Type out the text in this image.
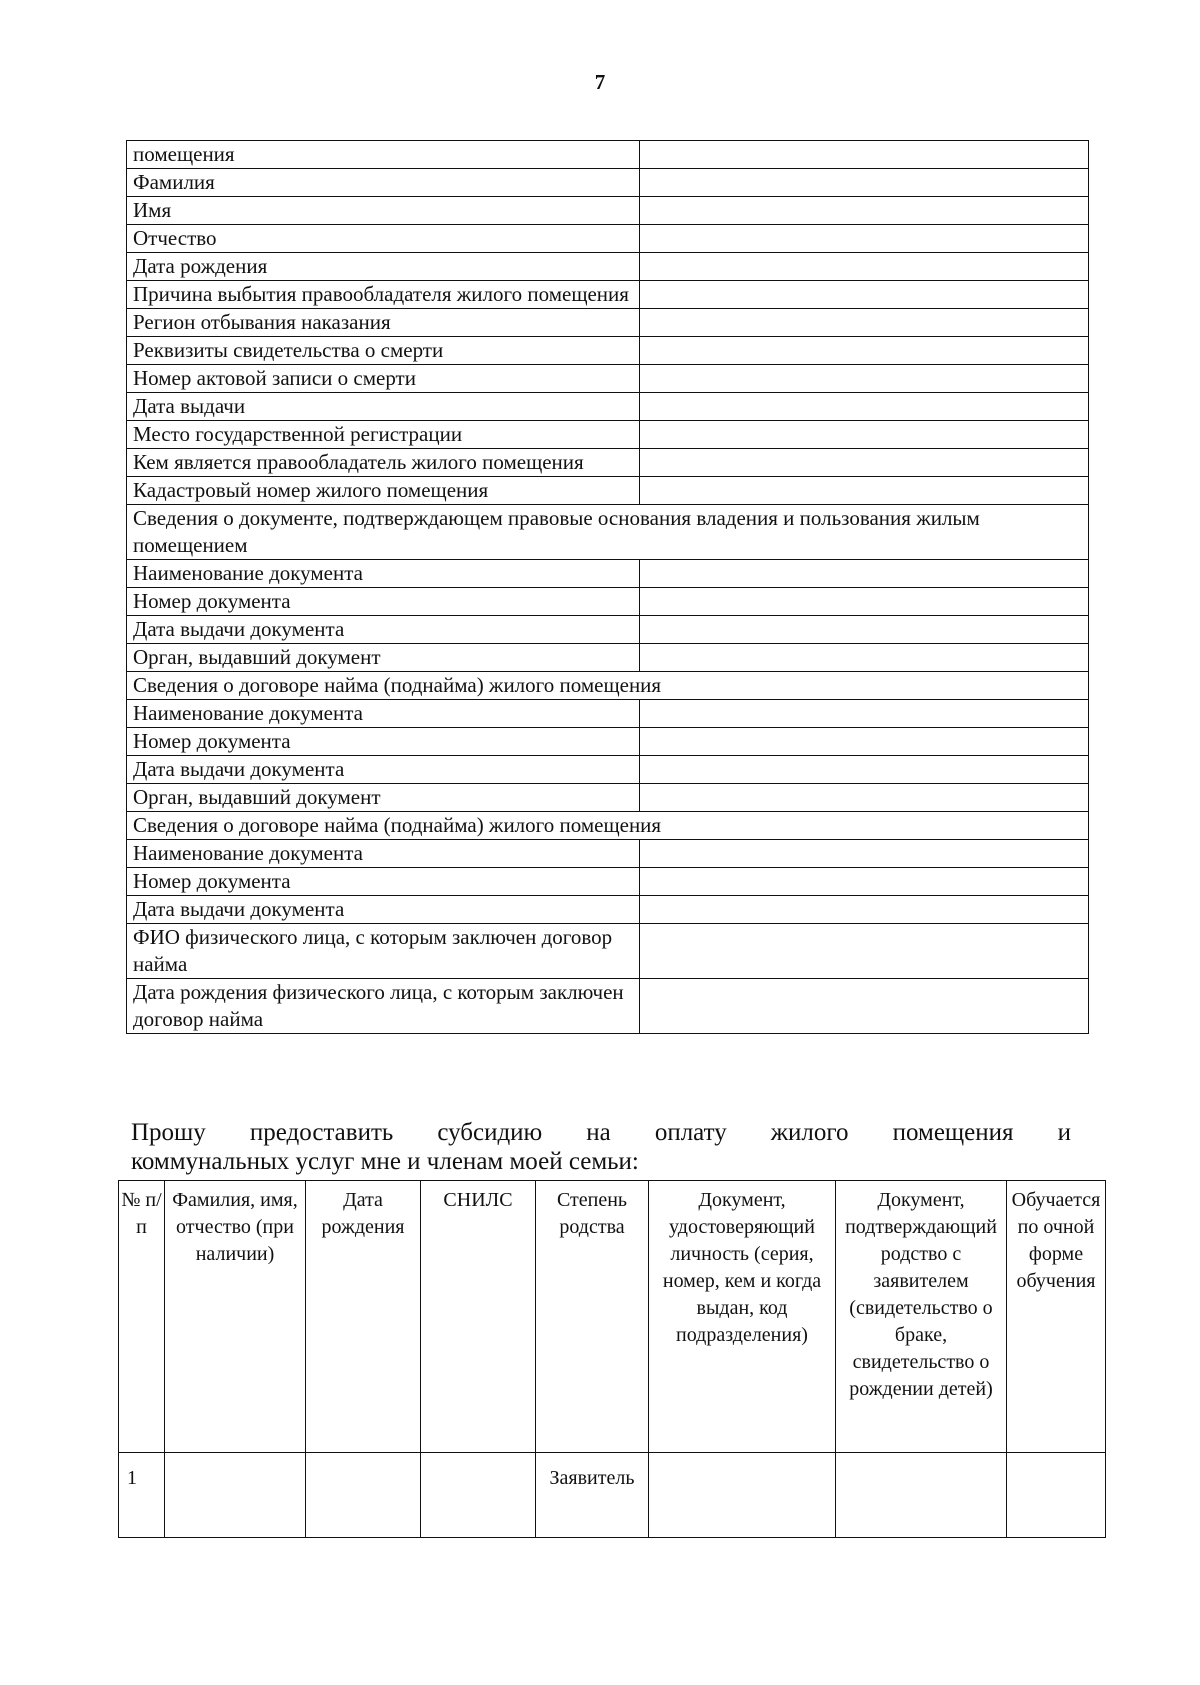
7
помещения	
Фамилия	
Имя	
Отчество	
Дата рождения	
Причина выбытия правообладателя жилого помещения	
Регион отбывания наказания	
Реквизиты свидетельства о смерти	
Номер актовой записи о смерти	
Дата выдачи	
Место государственной регистрации	
Кем является правообладатель жилого помещения	
Кадастровый номер жилого помещения	
Сведения о документе, подтверждающем правовые основания владения и пользования жилым помещением	
Наименование документа	
Номер документа	
Дата выдачи документа	
Орган, выдавший документ	
Сведения о договоре найма (поднайма) жилого помещения	
Наименование документа	
Номер документа	
Дата выдачи документа	
Орган, выдавший документ	
Сведения о договоре найма (поднайма) жилого помещения	
Наименование документа	
Номер документа	
Дата выдачи документа	
ФИО физического лица, с которым заключен договор найма	
Дата рождения физического лица, с которым заключен договор найма	
Прошу предоставить субсидию на оплату жилого помещения и
коммунальных услуг мне и членам моей семьи:
№ п/п	Фамилия, имя, отчество (при наличии)	Дата рождения	СНИЛС	Степень родства	Документ, удостоверяющий личность (серия, номер, кем и когда выдан, код подразделения)	Документ, подтверждающий родство с заявителем (свидетельство о браке, свидетельство о рождении детей)	Обучается по очной форме обучения
1				Заявитель			
